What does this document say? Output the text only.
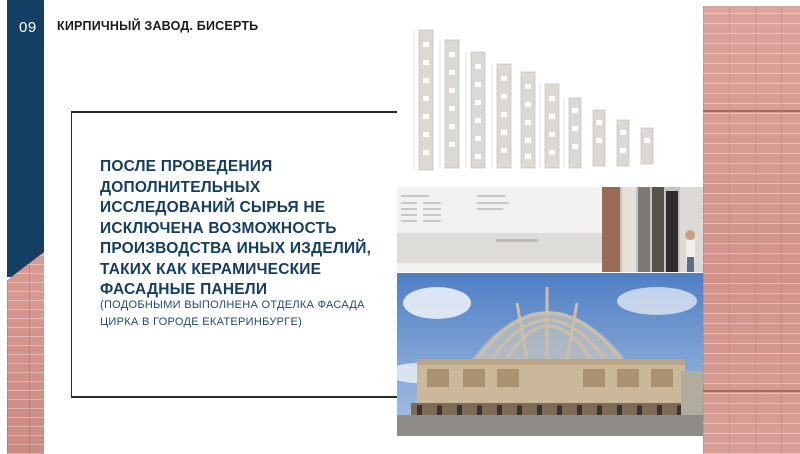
09 КИРПИЧНЫЙ ЗАВОД. БИСЕРТЬ
ПОСЛЕ ПРОВЕДЕНИЯ ДОПОЛНИТЕЛЬНЫХ ИССЛЕДОВАНИЙ СЫРЬЯ НЕ ИСКЛЮЧЕНА ВОЗМОЖНОСТЬ ПРОИЗВОДСТВА ИНЫХ ИЗДЕЛИЙ, ТАКИХ КАК КЕРАМИЧЕСКИЕ ФАСАДНЫЕ ПАНЕЛИ
(ПОДОБНЫМИ ВЫПОЛНЕНА ОТДЕЛКА ФАСАДА ЦИРКА В ГОРОДЕ ЕКАТЕРИНБУРГЕ)
